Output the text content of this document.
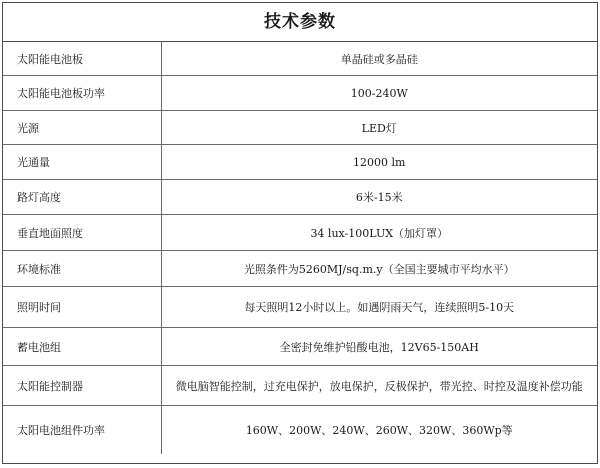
技术参数
太阳能电池板	单晶硅或多晶硅
太阳能电池板功率	100-240W
光源	LED灯
光通量	12000 lm
路灯高度	6米-15米
垂直地面照度	34 lux-100LUX（加灯罩）
环境标准	光照条件为5260MJ/sq.m.y（全国主要城市平均水平）
照明时间	每天照明12小时以上。如遇阴雨天气，连续照明5-10天
蓄电池组	全密封免维护铅酸电池，12V65-150AH
太阳能控制器	微电脑智能控制，过充电保护，放电保护，反极保护，带光控、时控及温度补偿功能
太阳电池组件功率	160W、200W、240W、260W、320W、360Wp等
